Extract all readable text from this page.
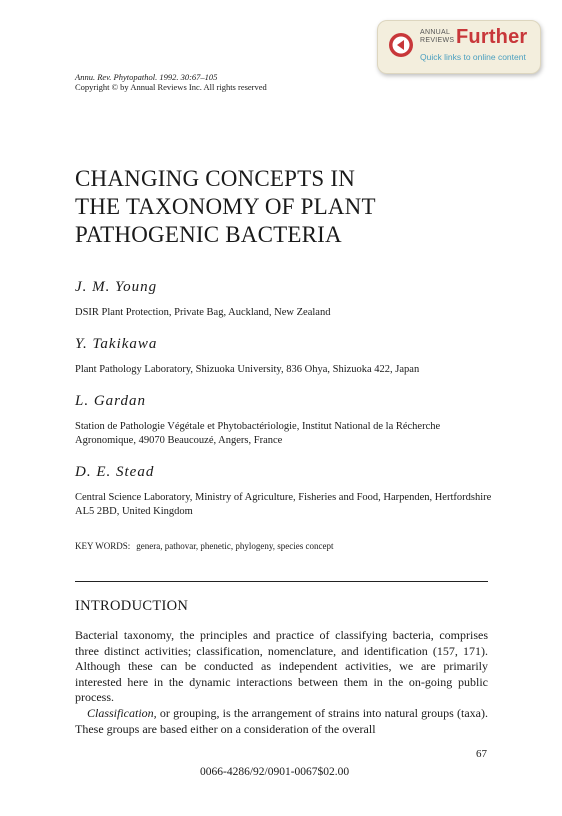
ANNUAL
REVIEWS Further
Quick links to online content
Annu. Rev. Phytopathol. 1992. 30:67–105
Copyright © by Annual Reviews Inc. All rights reserved
CHANGING CONCEPTS IN
THE TAXONOMY OF PLANT
PATHOGENIC BACTERIA
J. M. Young
DSIR Plant Protection, Private Bag, Auckland, New Zealand
Y. Takikawa
Plant Pathology Laboratory, Shizuoka University, 836 Ohya, Shizuoka 422, Japan
L. Gardan
Station de Pathologie Végétale et Phytobactériologie, Institut National de la Récherche Agronomique, 49070 Beaucouzé, Angers, France
D. E. Stead
Central Science Laboratory, Ministry of Agriculture, Fisheries and Food, Harpenden, Hertfordshire AL5 2BD, United Kingdom
KEY WORDS: genera, pathovar, phenetic, phylogeny, species concept
INTRODUCTION

Bacterial taxonomy, the principles and practice of classifying bacteria, comprises three distinct activities; classification, nomenclature, and identification (157, 171). Although these can be conducted as independent activities, we are primarily interested here in the dynamic interactions between them in the on-going public process.

Classification, or grouping, is the arrangement of strains into natural groups (taxa). These groups are based either on a consideration of the overall

67
0066-4286/92/0901-0067$02.00
